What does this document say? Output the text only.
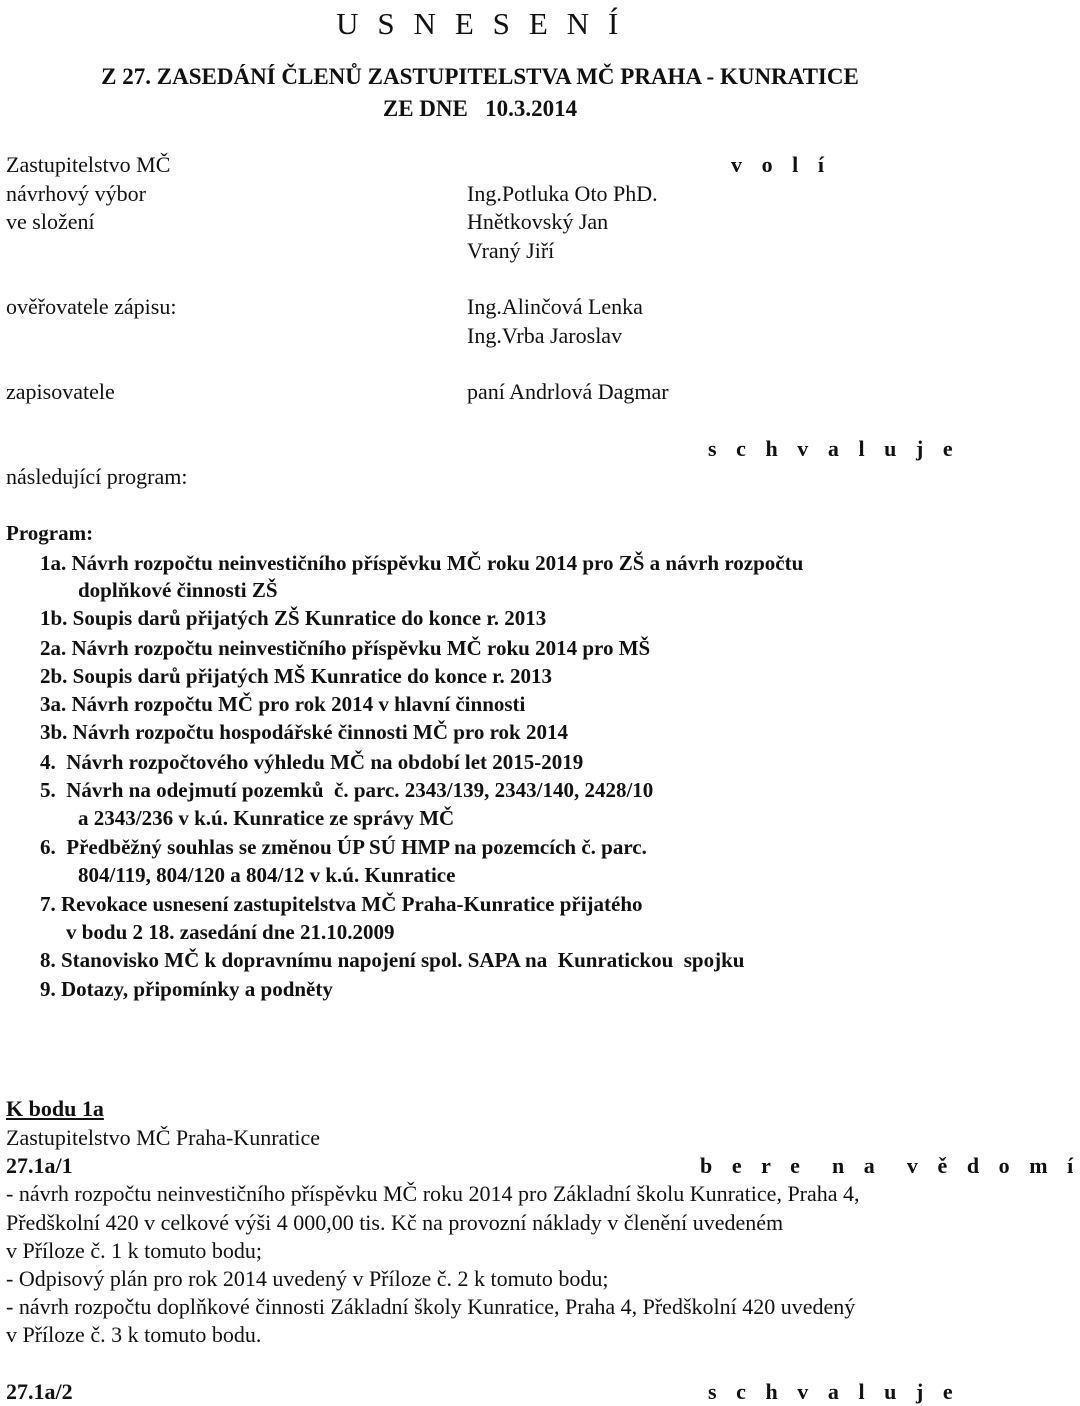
U S N E S E N Í
Z 27. ZASEDÁNÍ ČLENŮ ZASTUPITELSTVA MČ PRAHA - KUNRATICE
ZE DNE   10.3.2014
Zastupitelstvo MČ	v o l í
návrhový výbor
ve složení
Ing.Potluka Oto PhD.
Hnětkovský Jan
Vraný Jiří
ověřovatele zápisu:	Ing.Alinčová Lenka
Ing.Vrba Jaroslav
zapisovatele	paní Andrlová Dagmar
s c h v a l u j e
následující program:
Program:
1a. Návrh rozpočtu neinvestičního příspěvku MČ roku 2014 pro ZŠ a návrh rozpočtu
doplňkové činnosti ZŠ
1b. Soupis darů přijatých ZŠ Kunratice do konce r. 2013
2a. Návrh rozpočtu neinvestičního příspěvku MČ roku 2014 pro MŠ
2b. Soupis darů přijatých MŠ Kunratice do konce r. 2013
3a. Návrh rozpočtu MČ pro rok 2014 v hlavní činnosti
3b. Návrh rozpočtu hospodářské činnosti MČ pro rok 2014
4.  Návrh rozpočtového výhledu MČ na období let 2015-2019
5.  Návrh na odejmutí pozemků  č. parc. 2343/139, 2343/140, 2428/10
a 2343/236 v k.ú. Kunratice ze správy MČ
6.  Předběžný souhlas se změnou ÚP SÚ HMP na pozemcích č. parc.
804/119, 804/120 a 804/12 v k.ú. Kunratice
7. Revokace usnesení zastupitelstva MČ Praha-Kunratice přijatého
v bodu 2 18. zasedání dne 21.10.2009
8. Stanovisko MČ k dopravnímu napojení spol. SAPA na  Kunratickou  spojku
9. Dotazy, připomínky a podněty
K bodu 1a
Zastupitelstvo MČ Praha-Kunratice
27.1a/1	b e r e  n a  v ě d o m í
- návrh rozpočtu neinvestičního příspěvku MČ roku 2014 pro Základní školu Kunratice, Praha 4,
Předškolní 420 v celkové výši 4 000,00 tis. Kč na provozní náklady v členění uvedeném
v Příloze č. 1 k tomuto bodu;
- Odpisový plán pro rok 2014 uvedený v Příloze č. 2 k tomuto bodu;
- návrh rozpočtu doplňkové činnosti Základní školy Kunratice, Praha 4, Předškolní 420 uvedený
v Příloze č. 3 k tomuto bodu.
27.1a/2	s c h v a l u j e
